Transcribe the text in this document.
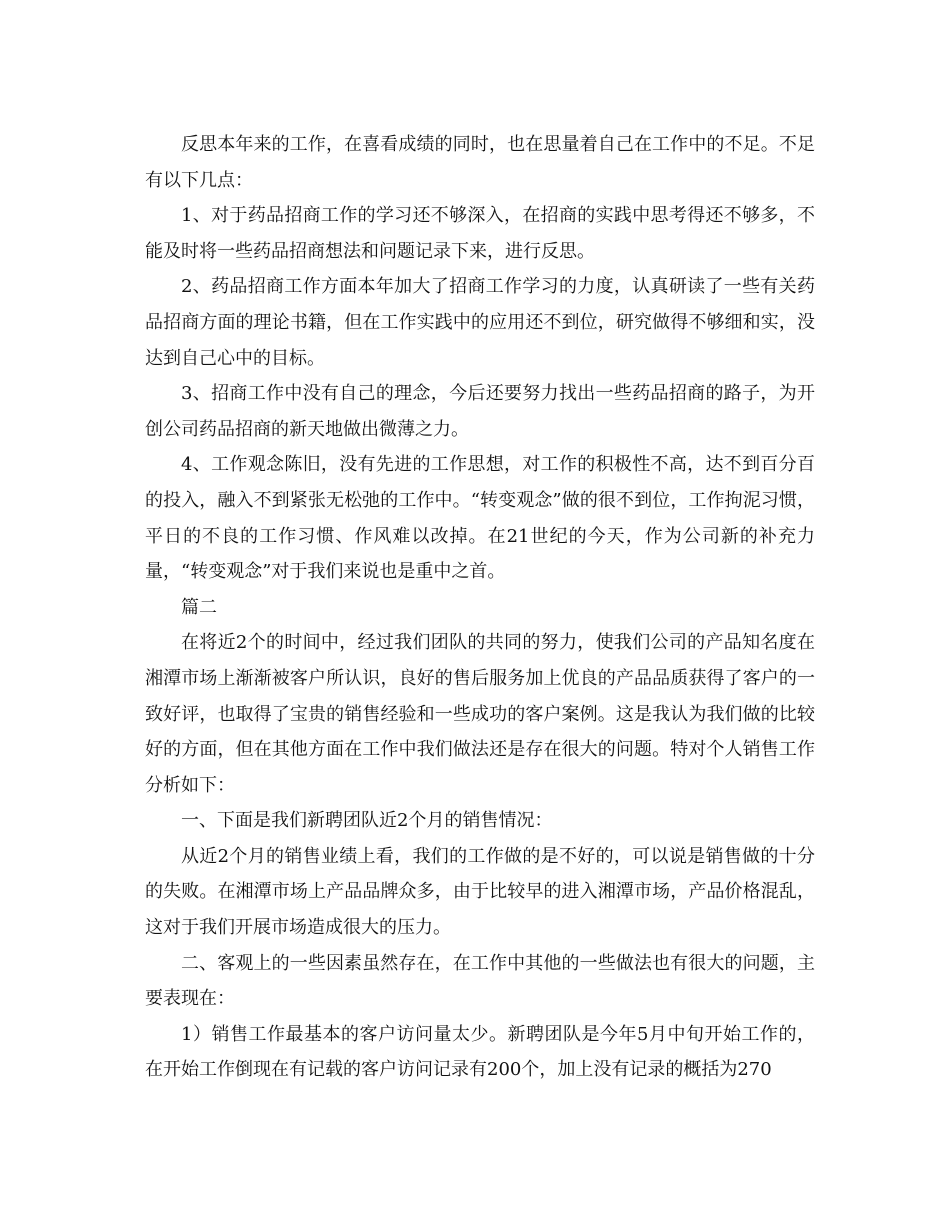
反思本年来的工作，在喜看成绩的同时，也在思量着自己在工作中的不足。不足有以下几点：

1、对于药品招商工作的学习还不够深入，在招商的实践中思考得还不够多，不能及时将一些药品招商想法和问题记录下来，进行反思。

2、药品招商工作方面本年加大了招商工作学习的力度，认真研读了一些有关药品招商方面的理论书籍，但在工作实践中的应用还不到位，研究做得不够细和实，没达到自己心中的目标。

3、招商工作中没有自己的理念，今后还要努力找出一些药品招商的路子，为开创公司药品招商的新天地做出微薄之力。

4、工作观念陈旧，没有先进的工作思想，对工作的积极性不高，达不到百分百的投入，融入不到紧张无松弛的工作中。“转变观念”做的很不到位，工作拘泥习惯，平日的不良的工作习惯、作风难以改掉。在21世纪的今天，作为公司新的补充力量，“转变观念”对于我们来说也是重中之首。

篇二

在将近2个的时间中，经过我们团队的共同的努力，使我们公司的产品知名度在湘潭市场上渐渐被客户所认识，良好的售后服务加上优良的产品品质获得了客户的一致好评，也取得了宝贵的销售经验和一些成功的客户案例。这是我认为我们做的比较好的方面，但在其他方面在工作中我们做法还是存在很大的问题。特对个人销售工作分析如下：

一、下面是我们新聘团队近2个月的销售情况：

从近2个月的销售业绩上看，我们的工作做的是不好的，可以说是销售做的十分的失败。在湘潭市场上产品品牌众多，由于比较早的进入湘潭市场，产品价格混乱，这对于我们开展市场造成很大的压力。

二、客观上的一些因素虽然存在，在工作中其他的一些做法也有很大的问题，主要表现在：

1）销售工作最基本的客户访问量太少。新聘团队是今年5月中旬开始工作的，在开始工作倒现在有记载的客户访问记录有200个，加上没有记录的概括为270
